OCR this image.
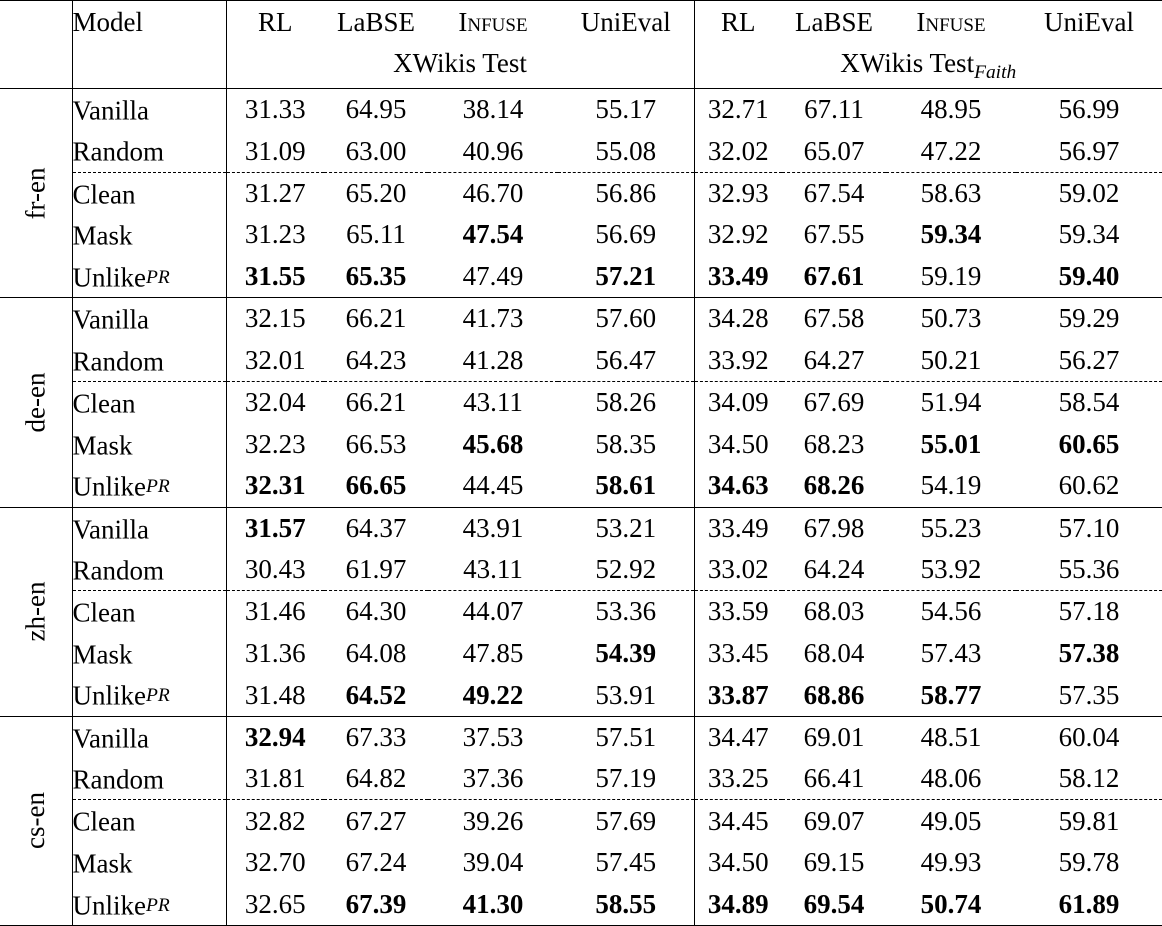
	Model	RL	LaBSE	Infuse	UniEval	RL	LaBSE	Infuse	UniEval
		XWikis Test				XWikis Test$_{Faith}$
fr-en	Vanilla	31.33	64.95	38.14	55.17	32.71	67.11	48.95	56.99
	Random	31.09	63.00	40.96	55.08	32.02	65.07	47.22	56.97
	Clean	31.27	65.20	46.70	56.86	32.93	67.54	58.63	59.02
	Mask	31.23	65.11	47.54	56.69	32.92	67.55	59.34	59.34
	UnlikePR	31.55	65.35	47.49	57.21	33.49	67.61	59.19	59.40
de-en	Vanilla	32.15	66.21	41.73	57.60	34.28	67.58	50.73	59.29
	Random	32.01	64.23	41.28	56.47	33.92	64.27	50.21	56.27
	Clean	32.04	66.21	43.11	58.26	34.09	67.69	51.94	58.54
	Mask	32.23	66.53	45.68	58.35	34.50	68.23	55.01	60.65
	UnlikePR	32.31	66.65	44.45	58.61	34.63	68.26	54.19	60.62
zh-en	Vanilla	31.57	64.37	43.91	53.21	33.49	67.98	55.23	57.10
	Random	30.43	61.97	43.11	52.92	33.02	64.24	53.92	55.36
	Clean	31.46	64.30	44.07	53.36	33.59	68.03	54.56	57.18
	Mask	31.36	64.08	47.85	54.39	33.45	68.04	57.43	57.38
	UnlikePR	31.48	64.52	49.22	53.91	33.87	68.86	58.77	57.35
cs-en	Vanilla	32.94	67.33	37.53	57.51	34.47	69.01	48.51	60.04
	Random	31.81	64.82	37.36	57.19	33.25	66.41	48.06	58.12
	Clean	32.82	67.27	39.26	57.69	34.45	69.07	49.05	59.81
	Mask	32.70	67.24	39.04	57.45	34.50	69.15	49.93	59.78
	UnlikePR	32.65	67.39	41.30	58.55	34.89	69.54	50.74	61.89
